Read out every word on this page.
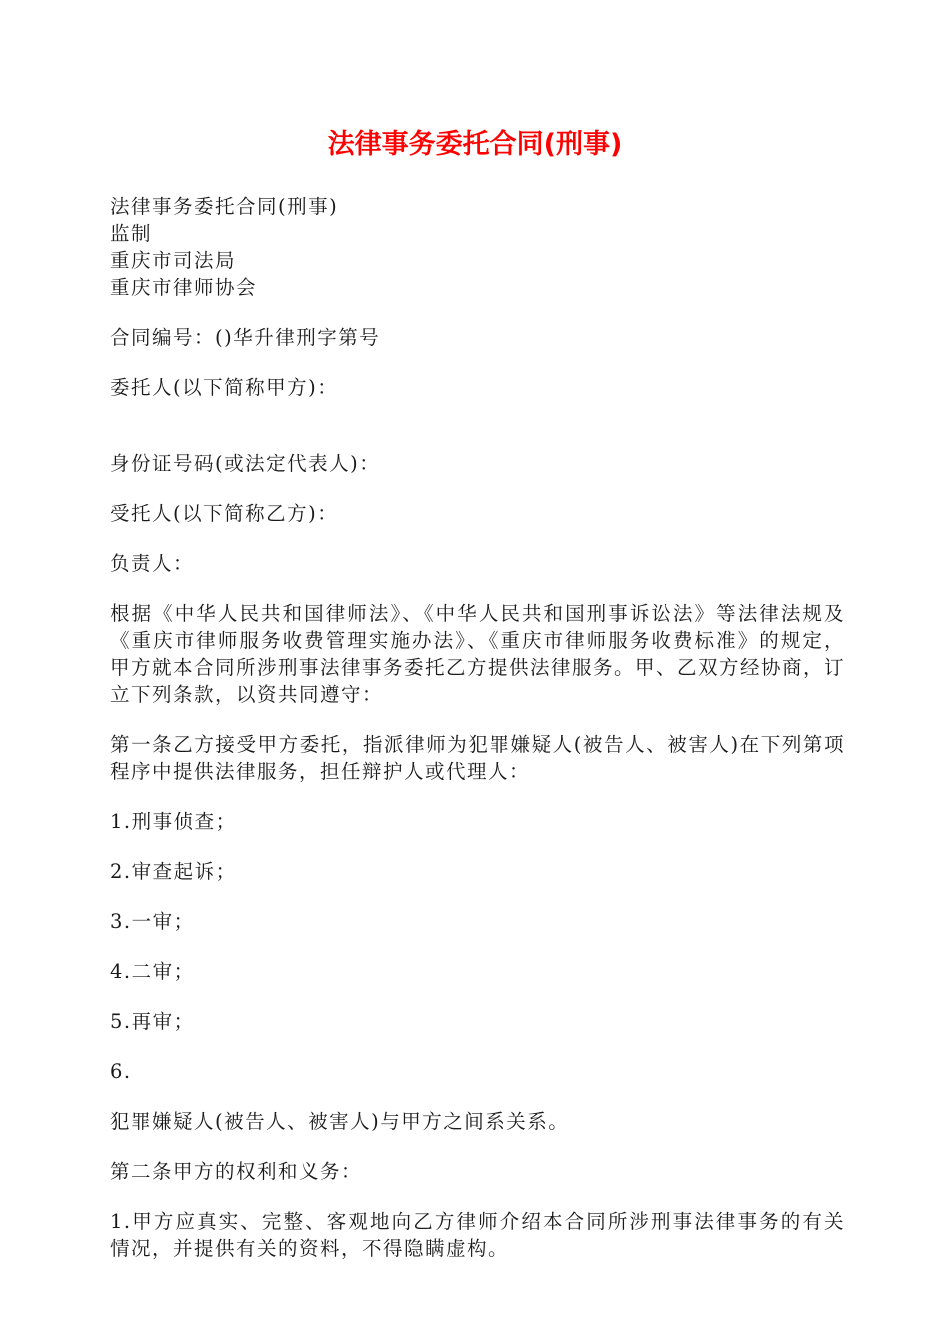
法律事务委托合同(刑事)

法律事务委托合同(刑事)

监制

重庆市司法局

重庆市律师协会

合同编号：()华升律刑字第号

委托人(以下简称甲方)：

身份证号码(或法定代表人)：

受托人(以下简称乙方)：

负责人：

根据《中华人民共和国律师法》、《中华人民共和国刑事诉讼法》等法律法规及《重庆市律师服务收费管理实施办法》、《重庆市律师服务收费标准》的规定，甲方就本合同所涉刑事法律事务委托乙方提供法律服务。甲、乙双方经协商，订立下列条款，以资共同遵守：

第一条乙方接受甲方委托，指派律师为犯罪嫌疑人(被告人、被害人)在下列第项程序中提供法律服务，担任辩护人或代理人：

1.刑事侦查；

2.审查起诉；

3.一审；

4.二审；

5.再审；

6.

犯罪嫌疑人(被告人、被害人)与甲方之间系关系。

第二条甲方的权利和义务：

1.甲方应真实、完整、客观地向乙方律师介绍本合同所涉刑事法律事务的有关情况，并提供有关的资料，不得隐瞒虚构。
